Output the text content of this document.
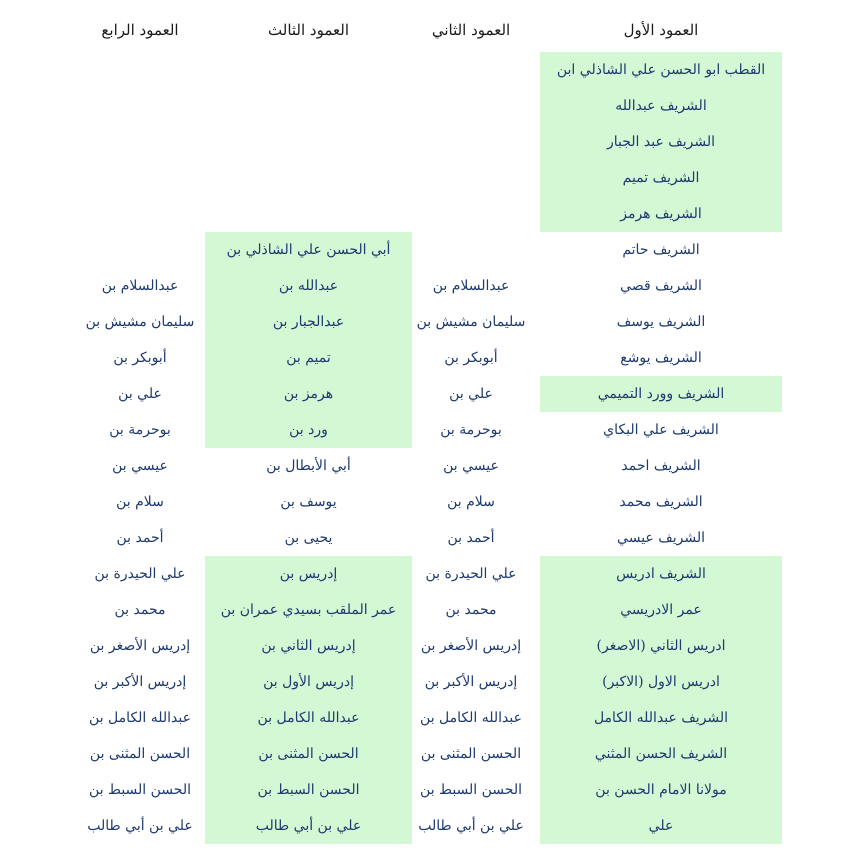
العمود الأول
العمود الثاني
العمود الثالث
العمود الرابع
القطب ابو الحسن علي الشاذلي ابن
الشريف عبدالله
الشريف عبد الجبار
الشريف تميم
الشريف هرمز
الشريف حاتم
الشريف قصي
الشريف يوسف
الشريف يوشع
الشريف وورد التميمي
الشريف علي البكاي
الشريف احمد
الشريف محمد
الشريف عيسي
الشريف ادريس
عمر الادريسي
ادريس الثاني (الاصغر)
ادريس الاول (الاكبر)
الشريف عبدالله الكامل
الشريف الحسن المثني
مولانا الامام الحسن بن
علي
عبدالسلام بن
سليمان مشيش بن
أبوبكر بن
علي بن
بوحرمة بن
عيسي بن
سلام بن
أحمد بن
علي الحيدرة بن
محمد بن
إدريس الأصغر بن
إدريس الأكبر بن
عبدالله الكامل بن
الحسن المثنى بن
الحسن السبط بن
علي بن أبي طالب
أبي الحسن علي الشاذلي بن
عبدالله بن
عبدالجبار بن
تميم بن
هرمز بن
ورد بن
أبي الأبطال بن
يوسف بن
يحيى بن
إدريس بن
عمر الملقب بسيدي عمران بن
إدريس الثاني بن
إدريس الأول بن
عبدالله الكامل بن
الحسن المثنى بن
الحسن السبط بن
علي بن أبي طالب
عبدالسلام بن
سليمان مشيش بن
أبوبكر بن
علي بن
بوحرمة بن
عيسي بن
سلام بن
أحمد بن
علي الحيدرة بن
محمد بن
إدريس الأصغر بن
إدريس الأكبر بن
عبدالله الكامل بن
الحسن المثنى بن
الحسن السبط بن
علي بن أبي طالب
